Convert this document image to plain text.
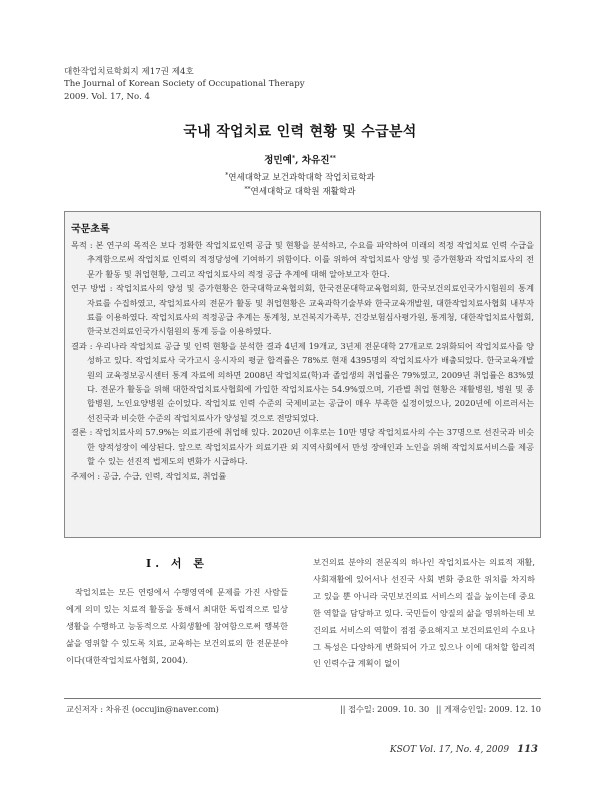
대한작업치료학회지 제17권 제4호
The Journal of Korean Society of Occupational Therapy
2009. Vol. 17, No. 4
국내 작업치료 인력 현황 및 수급분석
정민예*, 차유진**
*연세대학교 보건과학대학 작업치료학과
**연세대학교 대학원 재활학과
국문초록
목적 : 본 연구의 목적은 보다 정확한 작업치료인력 공급 및 현황을 분석하고, 수요를 파악하여 미래의 적정 작업치료 인력 수급을 추계함으로써 작업치료 인력의 적정당성에 기여하기 위함이다. 이를 위하여 작업치료사 양성 및 증가현황과 작업치료사의 전문가 활동 및 취업현황, 그리고 작업치료사의 적정 공급 추계에 대해 알아보고자 한다.
연구 방법 : 작업치료사의 양성 및 증가현황은 한국대학교육협의회, 한국전문대학교육협의회, 한국보건의료인국가시험원의 통계 자료를 수집하였고, 작업치료사의 전문가 활동 및 취업현황은 교육과학기술부와 한국교육개발원, 대한작업치료사협회 내부자료를 이용하였다. 작업치료사의 적정공급 추계는 통계청, 보건복지가족부, 건강보험심사평가원, 통계청, 대한작업치료사협회, 한국보건의료인국가시험원의 통계 등을 이용하였다.
결과 : 우리나라 작업치료 공급 및 인력 현황을 분석한 결과 4년제 19개교, 3년제 전문대학 27개교로 2위화되어 작업치료사를 양성하고 있다. 작업치료사 국가고시 응시자의 평균 합격률은 78%로 현재 4395명의 작업치료사가 배출되었다. 한국교육개발원의 교육정보공시센터 통계 자료에 의하면 2008년 작업치료(학)과 졸업생의 취업률은 79%였고, 2009년 취업률은 83%였다. 전문가 활동을 위해 대한작업치료사협회에 가입한 작업치료사는 54.9%였으며, 기관별 취업 현황은 재활병원, 병원 및 종합병원, 노인요양병원 순이었다. 작업치료 인력 수준의 국제비교는 공급이 매우 부족한 실정이었으나, 2020년에 이르러서는 선진국과 비슷한 수준의 작업치료사가 양성될 것으로 전망되었다.
결론 : 작업치료사의 57.9%는 의료기관에 취업해 있다. 2020년 이후로는 10만 명당 작업치료사의 수는 37명으로 선진국과 비슷한 양적성장이 예상된다. 앞으로 작업치료사가 의료기관 외 지역사회에서 만성 장애인과 노인을 위해 작업치료서비스를 제공할 수 있는 선진적 법제도의 변화가 시급하다.
주제어 : 공급, 수급, 인력, 작업치료, 취업률
Ⅰ. 서 론

작업치료는 모든 연령에서 수행영역에 문제를 가진 사람들에게 의미 있는 치료적 활동을 통해서 최대한 독립적으로 일상생활을 수행하고 능동적으로 사회생활에 참여함으로써 행복한 삶을 영위할 수 있도록 치료, 교육하는 보건의료의 한 전문분야이다(대한작업치료사협회, 2004).

보건의료 분야의 전문직의 하나인 작업치료사는 의료적 재활, 사회재활에 있어서나 선진국 사회 변화 중요한 위치를 차지하고 있을 뿐 아니라 국민보건의료 서비스의 질을 높이는데 중요한 역할을 담당하고 있다. 국민들이 양질의 삶을 영위하는데 보건의료 서비스의 역할이 점점 중요해지고 보건의료인의 수요나 그 특성은 다양하게 변화되어 가고 있으나 이에 대처할 합리적인 인력수급 계획이 없이

교신저자 : 차유진 (occujin@naver.com)	|| 접수일: 2009. 10. 30 || 게재승인일: 2009. 12. 10
KSOT Vol. 17, No. 4, 2009 113
